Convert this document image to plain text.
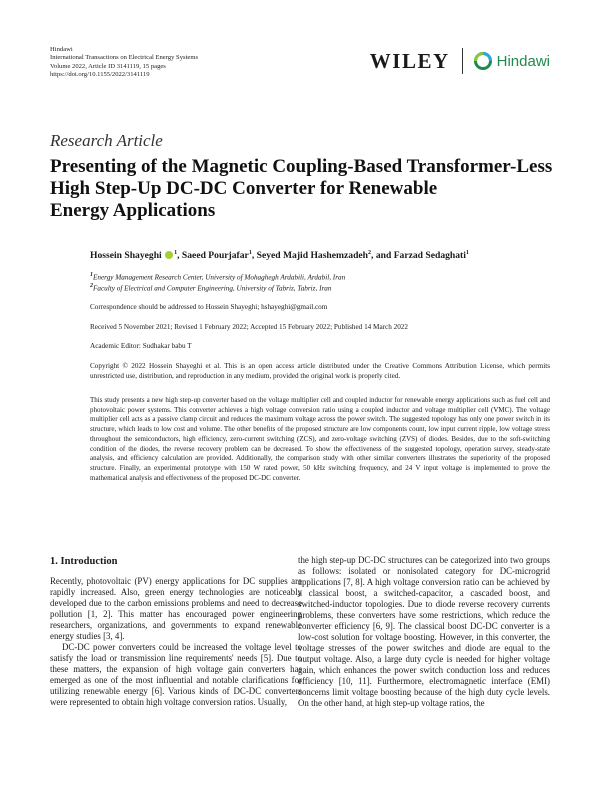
Hindawi
International Transactions on Electrical Energy Systems
Volume 2022, Article ID 3141119, 15 pages
https://doi.org/10.1155/2022/3141119
WILEY	Hindawi
Research Article
Presenting of the Magnetic Coupling-Based Transformer-Less
High Step-Up DC-DC Converter for Renewable
Energy Applications
Hossein Shayeghi $^1$, Saeed Pourjafar$^1$, Seyed Majid Hashemzadeh$^2$, and Farzad Sedaghati$^1$
$^1$Energy Management Research Center, University of Mohaghegh Ardabili, Ardabil, Iran
$^2$Faculty of Electrical and Computer Engineering, University of Tabriz, Tabriz, Iran
Correspondence should be addressed to Hossein Shayeghi; hshayeghi@gmail.com
Received 5 November 2021; Revised 1 February 2022; Accepted 15 February 2022; Published 14 March 2022
Academic Editor: Sudhakar babu T

Copyright © 2022 Hossein Shayeghi et al. This is an open access article distributed under the Creative Commons Attribution License, which permits unrestricted use, distribution, and reproduction in any medium, provided the original work is properly cited.

This study presents a new high step-up converter based on the voltage multiplier cell and coupled inductor for renewable energy applications such as fuel cell and photovoltaic power systems. This converter achieves a high voltage conversion ratio using a coupled inductor and voltage multiplier cell (VMC). The voltage multiplier cell acts as a passive clamp circuit and reduces the maximum voltage across the power switch. The suggested topology has only one power switch in its structure, which leads to low cost and volume. The other benefits of the proposed structure are low components count, low input current ripple, low voltage stress throughout the semiconductors, high efficiency, zero-current switching (ZCS), and zero-voltage switching (ZVS) of diodes. Besides, due to the soft-switching condition of the diodes, the reverse recovery problem can be decreased. To show the effectiveness of the suggested topology, operation survey, steady-state analysis, and efficiency calculation are provided. Additionally, the comparison study with other similar converters illustrates the superiority of the proposed structure. Finally, an experimental prototype with 150 W rated power, 50 kHz switching frequency, and 24 V input voltage is implemented to prove the mathematical analysis and effectiveness of the proposed DC-DC converter.

1. Introduction

Recently, photovoltaic (PV) energy applications for DC supplies are rapidly increased. Also, green energy technologies are noticeably developed due to the carbon emissions problems and need to decrease pollution [1, 2]. This matter has encouraged power engineering researchers, organizations, and governments to expand renewable energy studies [3, 4].

DC-DC power converters could be increased the voltage level to satisfy the load or transmission line requirements' needs [5]. Due to these matters, the expansion of high voltage gain converters has emerged as one of the most influential and notable clarifications for utilizing renewable energy [6]. Various kinds of DC-DC converters were represented to obtain high voltage conversion ratios. Usually,

the high step-up DC-DC structures can be categorized into two groups as follows: isolated or nonisolated category for DC-microgrid applications [7, 8]. A high voltage conversion ratio can be achieved by a classical boost, a switched-capacitor, a cascaded boost, and switched-inductor topologies. Due to diode reverse recovery currents problems, these converters have some restrictions, which reduce the converter efficiency [6, 9]. The classical boost DC-DC converter is a low-cost solution for voltage boosting. However, in this converter, the voltage stresses of the power switches and diode are equal to the output voltage. Also, a large duty cycle is needed for higher voltage gain, which enhances the power switch conduction loss and reduces efficiency [10, 11]. Furthermore, electromagnetic interface (EMI) concerns limit voltage boosting because of the high duty cycle levels. On the other hand, at high step-up voltage ratios, the
